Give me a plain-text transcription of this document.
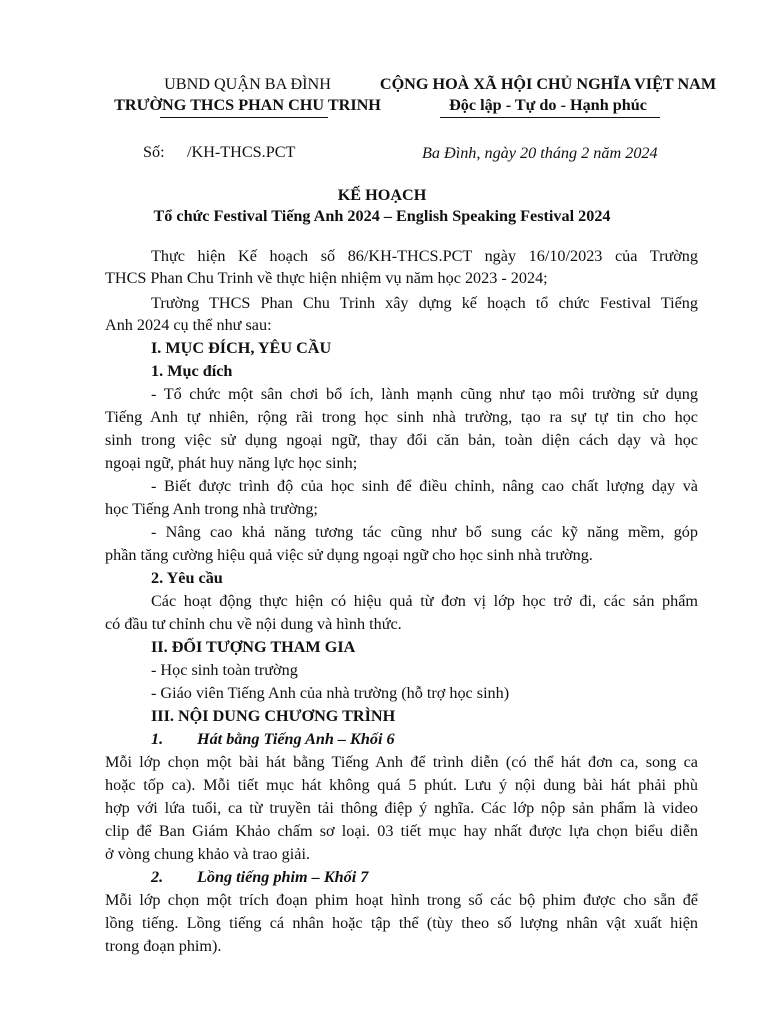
UBND QUẬN BA ĐÌNH
TRƯỜNG THCS PHAN CHU TRINH
CỘNG HOÀ XÃ HỘI CHỦ NGHĨA VIỆT NAM
Độc lập - Tự do - Hạnh phúc
Số: /KH-THCS.PCT	Ba Đình, ngày 20 tháng 2 năm 2024
KẾ HOẠCH
Tổ chức Festival Tiếng Anh 2024 – English Speaking Festival 2024
Thực hiện Kế hoạch số 86/KH-THCS.PCT ngày 16/10/2023 của Trường
THCS Phan Chu Trinh về thực hiện nhiệm vụ năm học 2023 - 2024;
Trường THCS Phan Chu Trinh xây dựng kế hoạch tổ chức Festival Tiếng
Anh 2024 cụ thể như sau:
I. MỤC ĐÍCH, YÊU CẦU
1. Mục đích
- Tổ chức một sân chơi bổ ích, lành mạnh cũng như tạo môi trường sử dụng
Tiếng Anh tự nhiên, rộng rãi trong học sinh nhà trường, tạo ra sự tự tin cho học
sinh trong việc sử dụng ngoại ngữ, thay đổi căn bản, toàn diện cách dạy và học
ngoại ngữ, phát huy năng lực học sinh;
- Biết được trình độ của học sinh để điều chỉnh, nâng cao chất lượng dạy và
học Tiếng Anh trong nhà trường;
- Nâng cao khả năng tương tác cũng như bổ sung các kỹ năng mềm, góp
phần tăng cường hiệu quả việc sử dụng ngoại ngữ cho học sinh nhà trường.
2. Yêu cầu
Các hoạt động thực hiện có hiệu quả từ đơn vị lớp học trở đi, các sản phẩm
có đầu tư chỉnh chu về nội dung và hình thức.
II. ĐỐI TƯỢNG THAM GIA
- Học sinh toàn trường
- Giáo viên Tiếng Anh của nhà trường (hỗ trợ học sinh)
III. NỘI DUNG CHƯƠNG TRÌNH
1. Hát bằng Tiếng Anh – Khối 6
Mỗi lớp chọn một bài hát bằng Tiếng Anh để trình diễn (có thể hát đơn ca, song ca
hoặc tốp ca). Mỗi tiết mục hát không quá 5 phút. Lưu ý nội dung bài hát phải phù
hợp với lứa tuổi, ca từ truyền tải thông điệp ý nghĩa. Các lớp nộp sản phẩm là video
clip để Ban Giám Khảo chấm sơ loại. 03 tiết mục hay nhất được lựa chọn biểu diễn
ở vòng chung khảo và trao giải.
2. Lồng tiếng phim – Khối 7
Mỗi lớp chọn một trích đoạn phim hoạt hình trong số các bộ phim được cho sẵn để
lồng tiếng. Lồng tiếng cá nhân hoặc tập thể (tùy theo số lượng nhân vật xuất hiện
trong đoạn phim).
